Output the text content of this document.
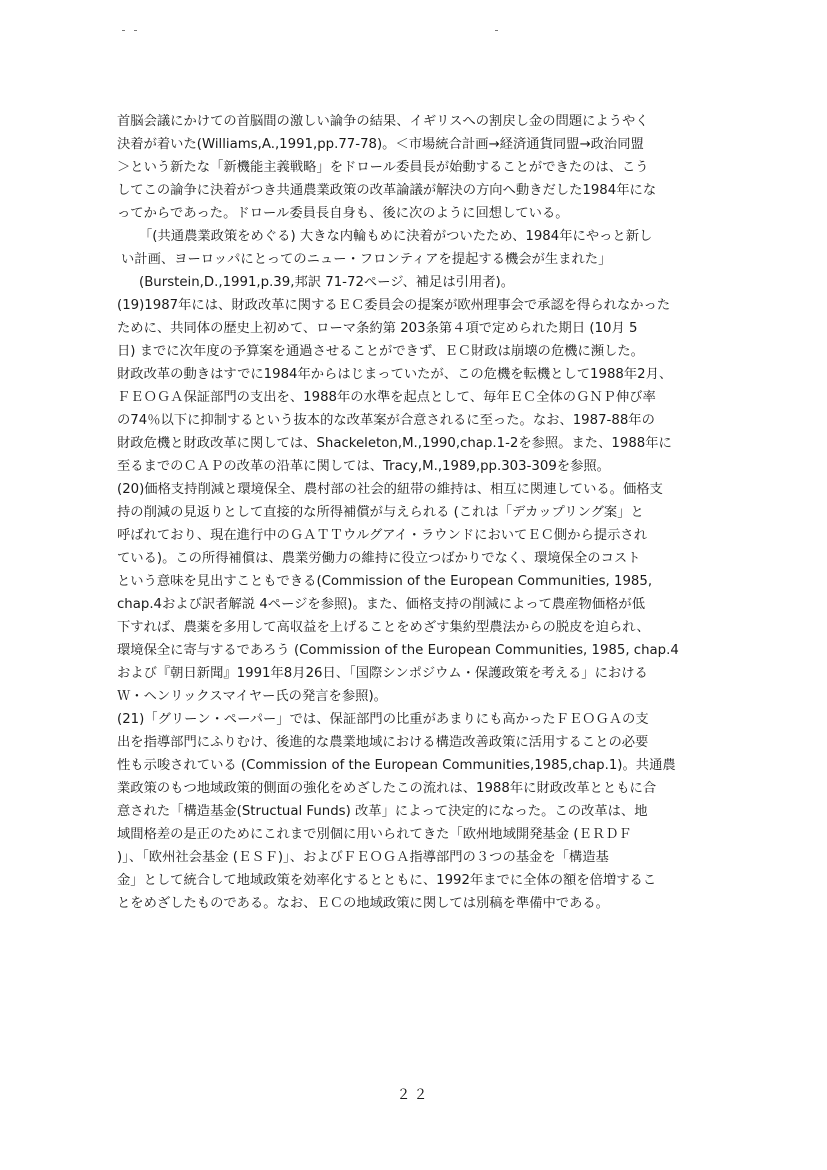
首脳会議にかけての首脳間の激しい論争の結果、イギリスへの割戻し金の問題にようやく
決着が着いた(Williams,A.,1991,pp.77-78)。＜市場統合計画→経済通貨同盟→政治同盟
＞という新たな「新機能主義戦略」をドロール委員長が始動することができたのは、こう
してこの論争に決着がつき共通農業政策の改革論議が解決の方向へ動きだした1984年にな
ってからであった。ドロール委員長自身も、後に次のように回想している。
「(共通農業政策をめぐる) 大きな内輪もめに決着がついたため、1984年にやっと新し
い計画、ヨーロッパにとってのニュー・フロンティアを提起する機会が生まれた」
(Burstein,D.,1991,p.39,邦訳 71-72ページ、補足は引用者)。
(19)1987年には、財政改革に関するＥＣ委員会の提案が欧州理事会で承認を得られなかった
ために、共同体の歴史上初めて、ローマ条約第 203条第４項で定められた期日 (10月 5
日) までに次年度の予算案を通過させることができず、ＥＣ財政は崩壊の危機に瀕した。
財政改革の動きはすでに1984年からはじまっていたが、この危機を転機として1988年2月、
ＦＥＯＧＡ保証部門の支出を、1988年の水準を起点として、毎年ＥＣ全体のＧＮＰ伸び率
の74％以下に抑制するという抜本的な改革案が合意されるに至った。なお、1987-88年の
財政危機と財政改革に関しては、Shackeleton,M.,1990,chap.1-2を参照。また、1988年に
至るまでのＣＡＰの改革の沿革に関しては、Tracy,M.,1989,pp.303-309を参照。
(20)価格支持削減と環境保全、農村部の社会的紐帯の維持は、相互に関連している。価格支
持の削減の見返りとして直接的な所得補償が与えられる (これは「デカップリング案」と
呼ばれており、現在進行中のＧＡＴＴウルグアイ・ラウンドにおいてＥＣ側から提示され
ている)。この所得補償は、農業労働力の維持に役立つばかりでなく、環境保全のコスト
という意味を見出すこともできる(Commission of the European Communities, 1985,
chap.4および訳者解説 4ページを参照)。また、価格支持の削減によって農産物価格が低
下すれば、農薬を多用して高収益を上げることをめざす集約型農法からの脱皮を迫られ、
環境保全に寄与するであろう (Commission of the European Communities, 1985, chap.4
および『朝日新聞』1991年8月26日、「国際シンポジウム・保護政策を考える」における
Ｗ・ヘンリックスマイヤー氏の発言を参照)。
(21)「グリーン・ペーパー」では、保証部門の比重があまりにも高かったＦＥＯＧＡの支
出を指導部門にふりむけ、後進的な農業地域における構造改善政策に活用することの必要
性も示唆されている (Commission of the European Communities,1985,chap.1)。共通農
業政策のもつ地域政策的側面の強化をめざしたこの流れは、1988年に財政改革とともに合
意された「構造基金(Structual Funds) 改革」によって決定的になった。この改革は、地
域間格差の是正のためにこれまで別個に用いられてきた「欧州地域開発基金 (ＥＲＤＦ
)」、「欧州社会基金 (ＥＳＦ)」、およびＦＥＯＧＡ指導部門の３つの基金を「構造基
金」として統合して地域政策を効率化するとともに、1992年までに全体の額を倍増するこ
とをめざしたものである。なお、ＥＣの地域政策に関しては別稿を準備中である。
２２
